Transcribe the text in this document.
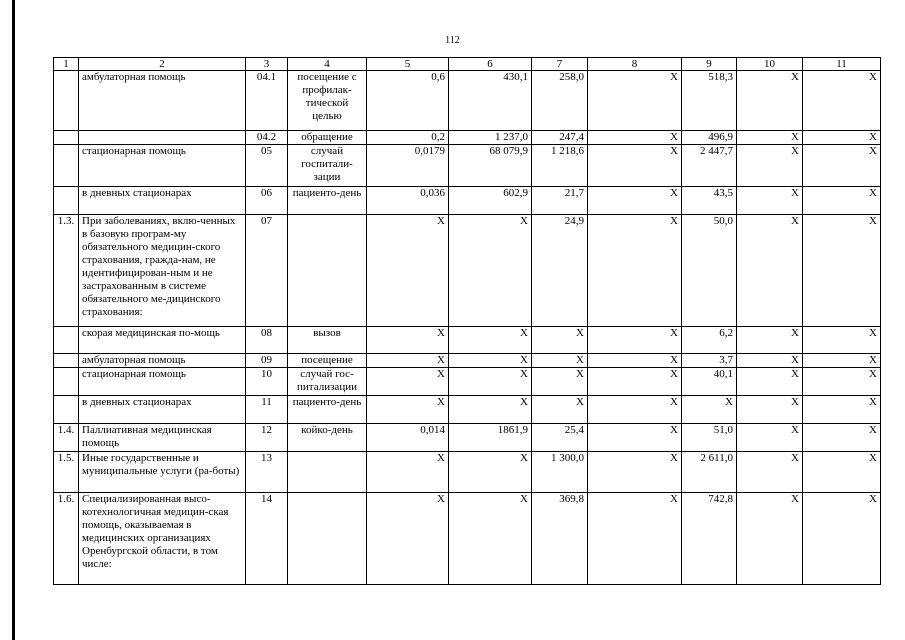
112
1	2	3	4	5	6	7	8	9	10	11
	амбулаторная помощь	04.1	посещение с профилак-тической целью	0,6	430,1	258,0	Х	518,3	Х	Х
		04.2	обращение	0,2	1 237,0	247,4	Х	496,9	Х	Х
	стационарная помощь	05	случай госпитали-зации	0,0179	68 079,9	1 218,6	Х	2 447,7	Х	Х
	в дневных стационарах	06	пациенто-день	0,036	602,9	21,7	Х	43,5	Х	Х
1.3.	При заболеваниях, вклю-ченных в базовую програм-му обязательного медицин-ского страхования, гражда-нам, не идентифицирован-ным и не застрахованным в системе обязательного ме-дицинского страхования:	07		Х	Х	24,9	Х	50,0	Х	Х
	скорая медицинская по-мощь	08	вызов	Х	Х	Х	Х	6,2	Х	Х
	амбулаторная помощь	09	посещение	Х	Х	Х	Х	3,7	Х	Х
	стационарная помощь	10	случай гос-питализации	Х	Х	Х	Х	40,1	Х	Х
	в дневных стационарах	11	пациенто-день	Х	Х	Х	Х	Х	Х	Х
1.4.	Паллиативная медицинская помощь	12	койко-день	0,014	1861,9	25,4	Х	51,0	Х	Х
1.5.	Иные государственные и муниципальные услуги (ра-боты)	13		Х	Х	1 300,0	Х	2 611,0	Х	Х
1.6.	Специализированная высо-котехнологичная медицин-ская помощь, оказываемая в медицинских организациях Оренбургской области, в том числе:	14		Х	Х	369,8	Х	742,8	Х	Х
